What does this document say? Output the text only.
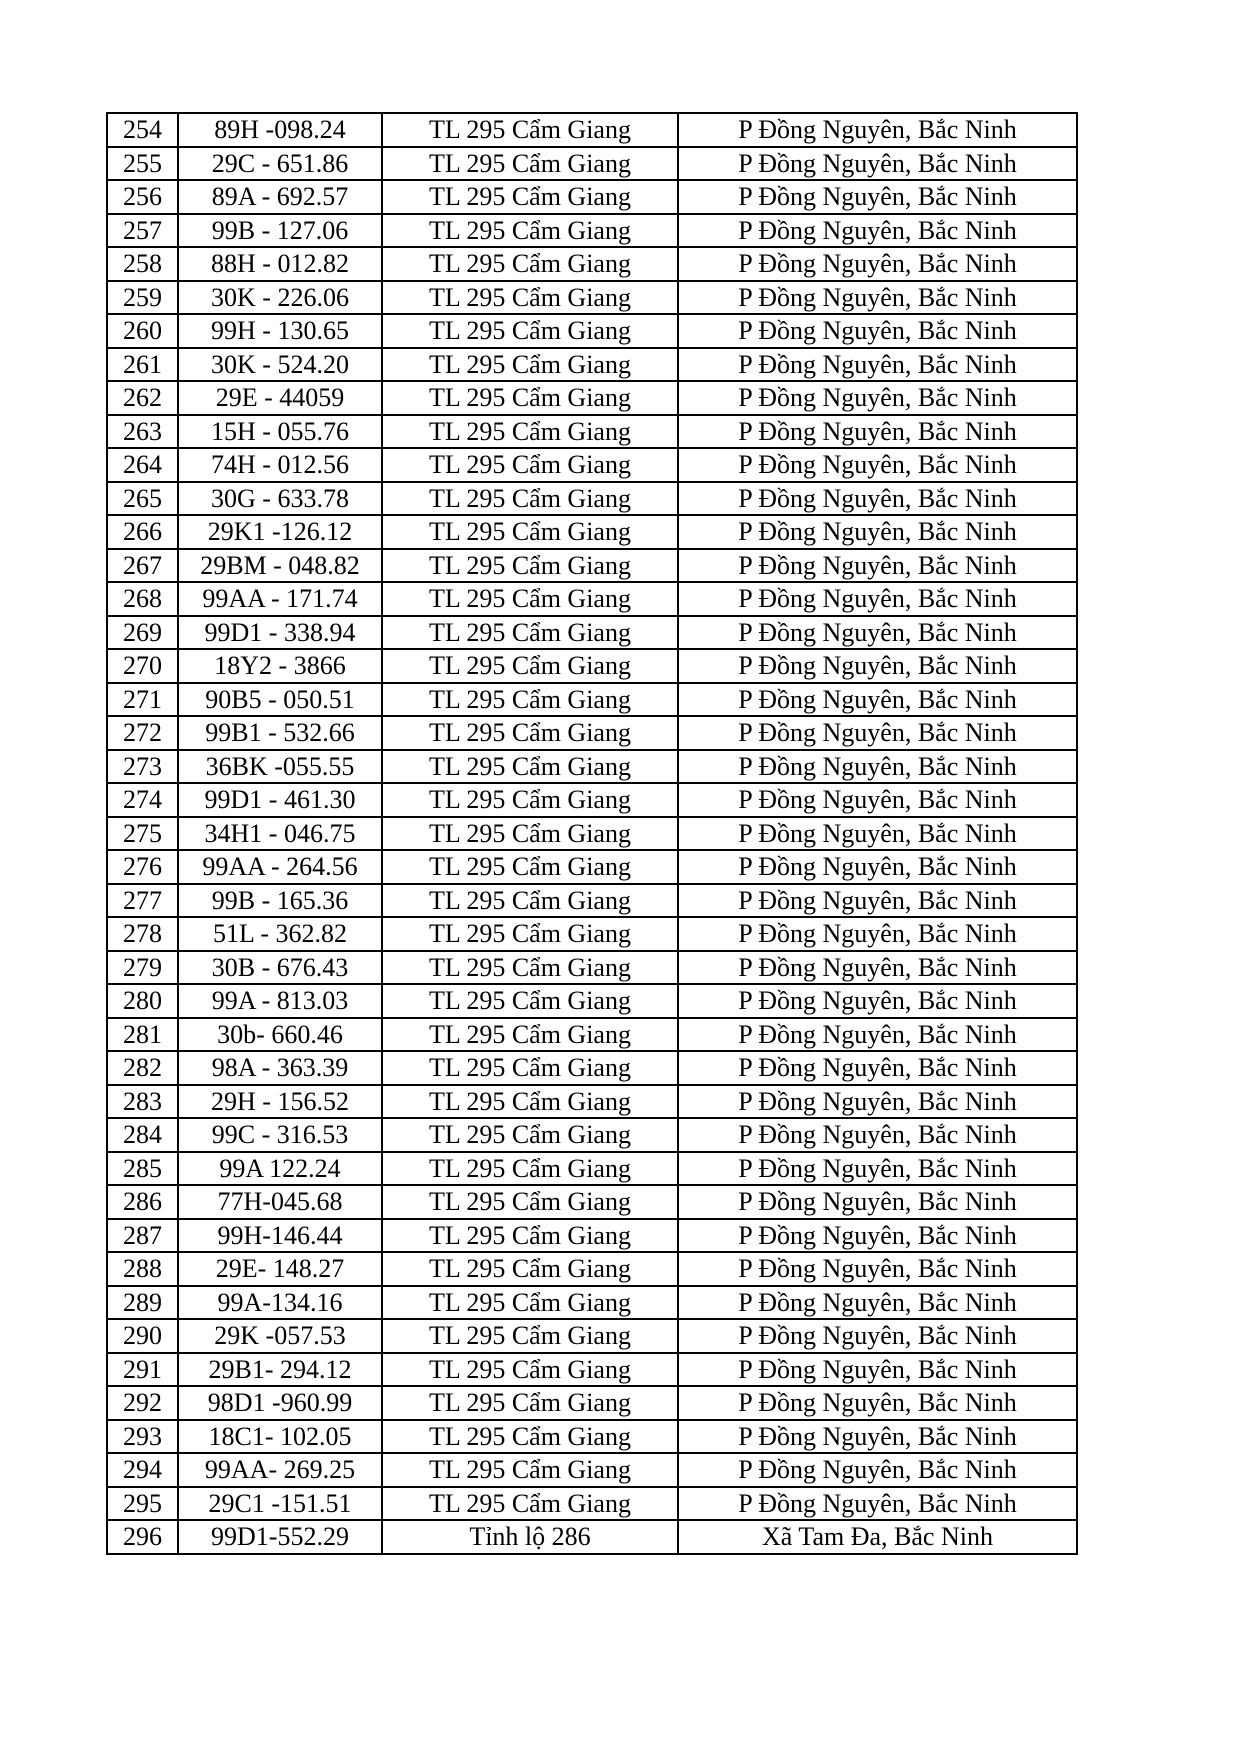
254	89H -098.24	TL 295 Cẩm Giang	P Đồng Nguyên, Bắc Ninh
255	29C - 651.86	TL 295 Cẩm Giang	P Đồng Nguyên, Bắc Ninh
256	89A - 692.57	TL 295 Cẩm Giang	P Đồng Nguyên, Bắc Ninh
257	99B - 127.06	TL 295 Cẩm Giang	P Đồng Nguyên, Bắc Ninh
258	88H - 012.82	TL 295 Cẩm Giang	P Đồng Nguyên, Bắc Ninh
259	30K - 226.06	TL 295 Cẩm Giang	P Đồng Nguyên, Bắc Ninh
260	99H - 130.65	TL 295 Cẩm Giang	P Đồng Nguyên, Bắc Ninh
261	30K - 524.20	TL 295 Cẩm Giang	P Đồng Nguyên, Bắc Ninh
262	29E - 44059	TL 295 Cẩm Giang	P Đồng Nguyên, Bắc Ninh
263	15H - 055.76	TL 295 Cẩm Giang	P Đồng Nguyên, Bắc Ninh
264	74H - 012.56	TL 295 Cẩm Giang	P Đồng Nguyên, Bắc Ninh
265	30G - 633.78	TL 295 Cẩm Giang	P Đồng Nguyên, Bắc Ninh
266	29K1 -126.12	TL 295 Cẩm Giang	P Đồng Nguyên, Bắc Ninh
267	29BM - 048.82	TL 295 Cẩm Giang	P Đồng Nguyên, Bắc Ninh
268	99AA - 171.74	TL 295 Cẩm Giang	P Đồng Nguyên, Bắc Ninh
269	99D1 - 338.94	TL 295 Cẩm Giang	P Đồng Nguyên, Bắc Ninh
270	18Y2 - 3866	TL 295 Cẩm Giang	P Đồng Nguyên, Bắc Ninh
271	90B5 - 050.51	TL 295 Cẩm Giang	P Đồng Nguyên, Bắc Ninh
272	99B1 - 532.66	TL 295 Cẩm Giang	P Đồng Nguyên, Bắc Ninh
273	36BK -055.55	TL 295 Cẩm Giang	P Đồng Nguyên, Bắc Ninh
274	99D1 - 461.30	TL 295 Cẩm Giang	P Đồng Nguyên, Bắc Ninh
275	34H1 - 046.75	TL 295 Cẩm Giang	P Đồng Nguyên, Bắc Ninh
276	99AA - 264.56	TL 295 Cẩm Giang	P Đồng Nguyên, Bắc Ninh
277	99B - 165.36	TL 295 Cẩm Giang	P Đồng Nguyên, Bắc Ninh
278	51L - 362.82	TL 295 Cẩm Giang	P Đồng Nguyên, Bắc Ninh
279	30B - 676.43	TL 295 Cẩm Giang	P Đồng Nguyên, Bắc Ninh
280	99A - 813.03	TL 295 Cẩm Giang	P Đồng Nguyên, Bắc Ninh
281	30b- 660.46	TL 295 Cẩm Giang	P Đồng Nguyên, Bắc Ninh
282	98A - 363.39	TL 295 Cẩm Giang	P Đồng Nguyên, Bắc Ninh
283	29H - 156.52	TL 295 Cẩm Giang	P Đồng Nguyên, Bắc Ninh
284	99C - 316.53	TL 295 Cẩm Giang	P Đồng Nguyên, Bắc Ninh
285	99A 122.24	TL 295 Cẩm Giang	P Đồng Nguyên, Bắc Ninh
286	77H-045.68	TL 295 Cẩm Giang	P Đồng Nguyên, Bắc Ninh
287	99H-146.44	TL 295 Cẩm Giang	P Đồng Nguyên, Bắc Ninh
288	29E- 148.27	TL 295 Cẩm Giang	P Đồng Nguyên, Bắc Ninh
289	99A-134.16	TL 295 Cẩm Giang	P Đồng Nguyên, Bắc Ninh
290	29K -057.53	TL 295 Cẩm Giang	P Đồng Nguyên, Bắc Ninh
291	29B1- 294.12	TL 295 Cẩm Giang	P Đồng Nguyên, Bắc Ninh
292	98D1 -960.99	TL 295 Cẩm Giang	P Đồng Nguyên, Bắc Ninh
293	18C1- 102.05	TL 295 Cẩm Giang	P Đồng Nguyên, Bắc Ninh
294	99AA- 269.25	TL 295 Cẩm Giang	P Đồng Nguyên, Bắc Ninh
295	29C1 -151.51	TL 295 Cẩm Giang	P Đồng Nguyên, Bắc Ninh
296	99D1-552.29	Tỉnh lộ 286	Xã Tam Đa, Bắc Ninh
